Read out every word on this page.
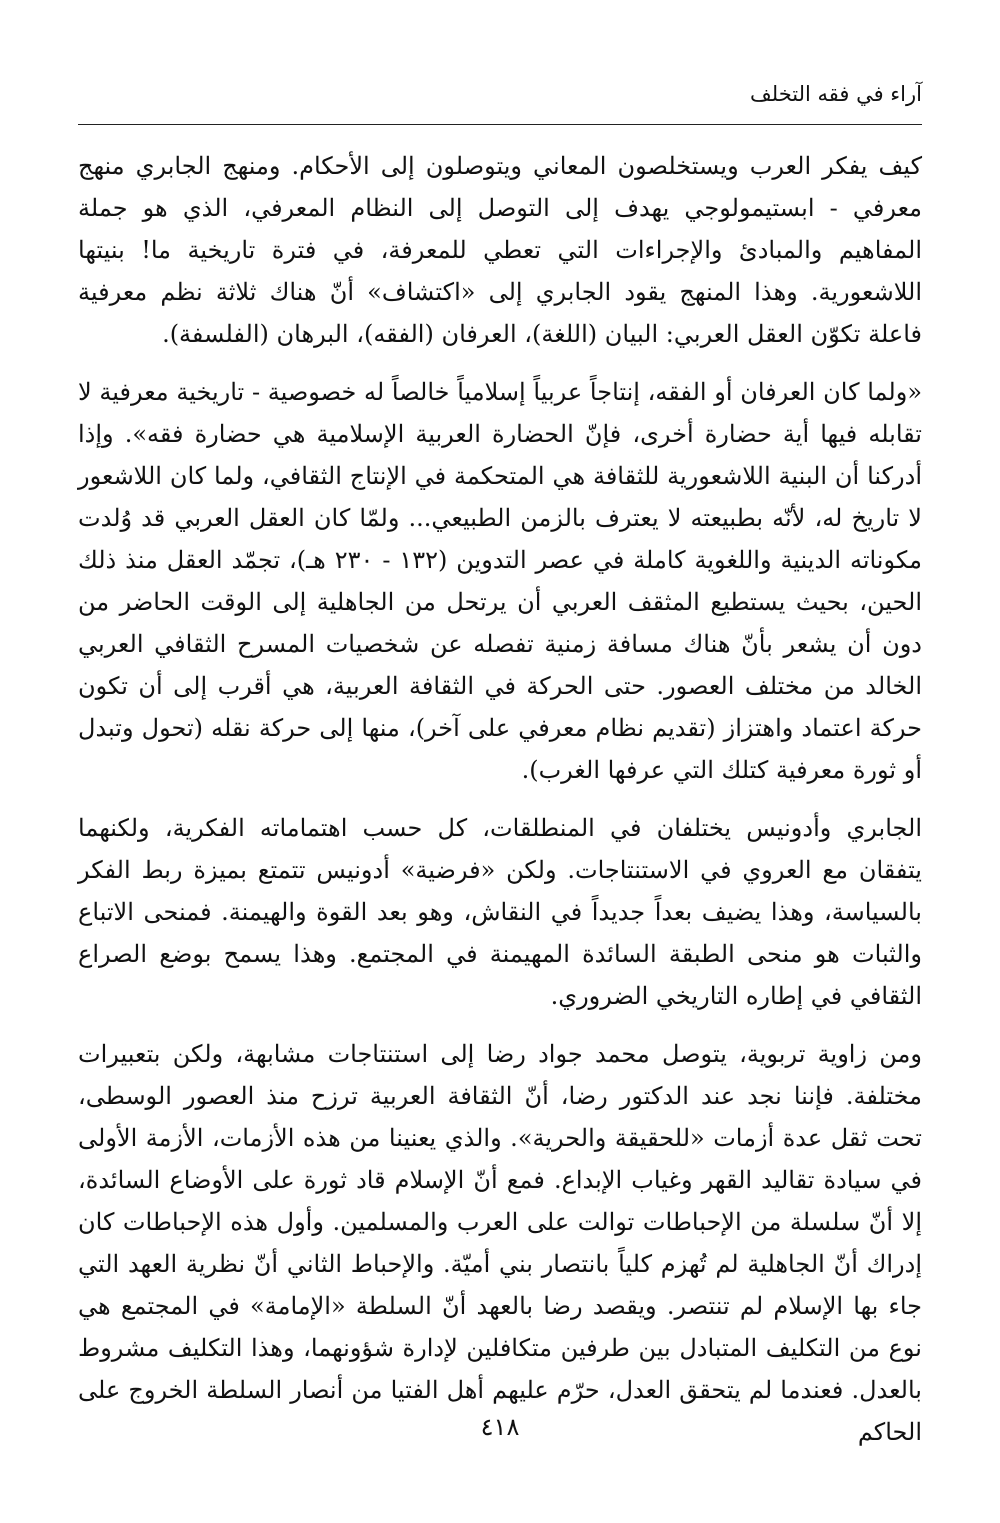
آراء في فقه التخلف

كيف يفكر العرب ويستخلصون المعاني ويتوصلون إلى الأحكام. ومنهج الجابري منهج معرفي - ابستيمولوجي يهدف إلى التوصل إلى النظام المعرفي، الذي هو جملة المفاهيم والمبادئ والإجراءات التي تعطي للمعرفة، في فترة تاريخية ما! بنيتها اللاشعورية. وهذا المنهج يقود الجابري إلى «اكتشاف» أنّ هناك ثلاثة نظم معرفية فاعلة تكوّن العقل العربي: البيان (اللغة)، العرفان (الفقه)، البرهان (الفلسفة).

«ولما كان العرفان أو الفقه، إنتاجاً عربياً إسلامياً خالصاً له خصوصية - تاريخية معرفية لا تقابله فيها أية حضارة أخرى، فإنّ الحضارة العربية الإسلامية هي حضارة فقه». وإذا أدركنا أن البنية اللاشعورية للثقافة هي المتحكمة في الإنتاج الثقافي، ولما كان اللاشعور لا تاريخ له، لأنّه بطبيعته لا يعترف بالزمن الطبيعي... ولمّا كان العقل العربي قد وُلدت مكوناته الدينية واللغوية كاملة في عصر التدوين (١٣٢ - ٢٣٠ هـ)، تجمّد العقل منذ ذلك الحين، بحيث يستطيع المثقف العربي أن يرتحل من الجاهلية إلى الوقت الحاضر من دون أن يشعر بأنّ هناك مسافة زمنية تفصله عن شخصيات المسرح الثقافي العربي الخالد من مختلف العصور. حتى الحركة في الثقافة العربية، هي أقرب إلى أن تكون حركة اعتماد واهتزاز (تقديم نظام معرفي على آخر)، منها إلى حركة نقله (تحول وتبدل أو ثورة معرفية كتلك التي عرفها الغرب).

الجابري وأدونيس يختلفان في المنطلقات، كل حسب اهتماماته الفكرية، ولكنهما يتفقان مع العروي في الاستنتاجات. ولكن «فرضية» أدونيس تتمتع بميزة ربط الفكر بالسياسة، وهذا يضيف بعداً جديداً في النقاش، وهو بعد القوة والهيمنة. فمنحى الاتباع والثبات هو منحى الطبقة السائدة المهيمنة في المجتمع. وهذا يسمح بوضع الصراع الثقافي في إطاره التاريخي الضروري.

ومن زاوية تربوية، يتوصل محمد جواد رضا إلى استنتاجات مشابهة، ولكن بتعبيرات مختلفة. فإننا نجد عند الدكتور رضا، أنّ الثقافة العربية ترزح منذ العصور الوسطى، تحت ثقل عدة أزمات «للحقيقة والحرية». والذي يعنينا من هذه الأزمات، الأزمة الأولى في سيادة تقاليد القهر وغياب الإبداع. فمع أنّ الإسلام قاد ثورة على الأوضاع السائدة، إلا أنّ سلسلة من الإحباطات توالت على العرب والمسلمين. وأول هذه الإحباطات كان إدراك أنّ الجاهلية لم تُهزم كلياً بانتصار بني أميّة. والإحباط الثاني أنّ نظرية العهد التي جاء بها الإسلام لم تنتصر. ويقصد رضا بالعهد أنّ السلطة «الإمامة» في المجتمع هي نوع من التكليف المتبادل بين طرفين متكافلين لإدارة شؤونهما، وهذا التكليف مشروط بالعدل. فعندما لم يتحقق العدل، حرّم عليهم أهل الفتيا من أنصار السلطة الخروج على الحاكم

٤١٨
